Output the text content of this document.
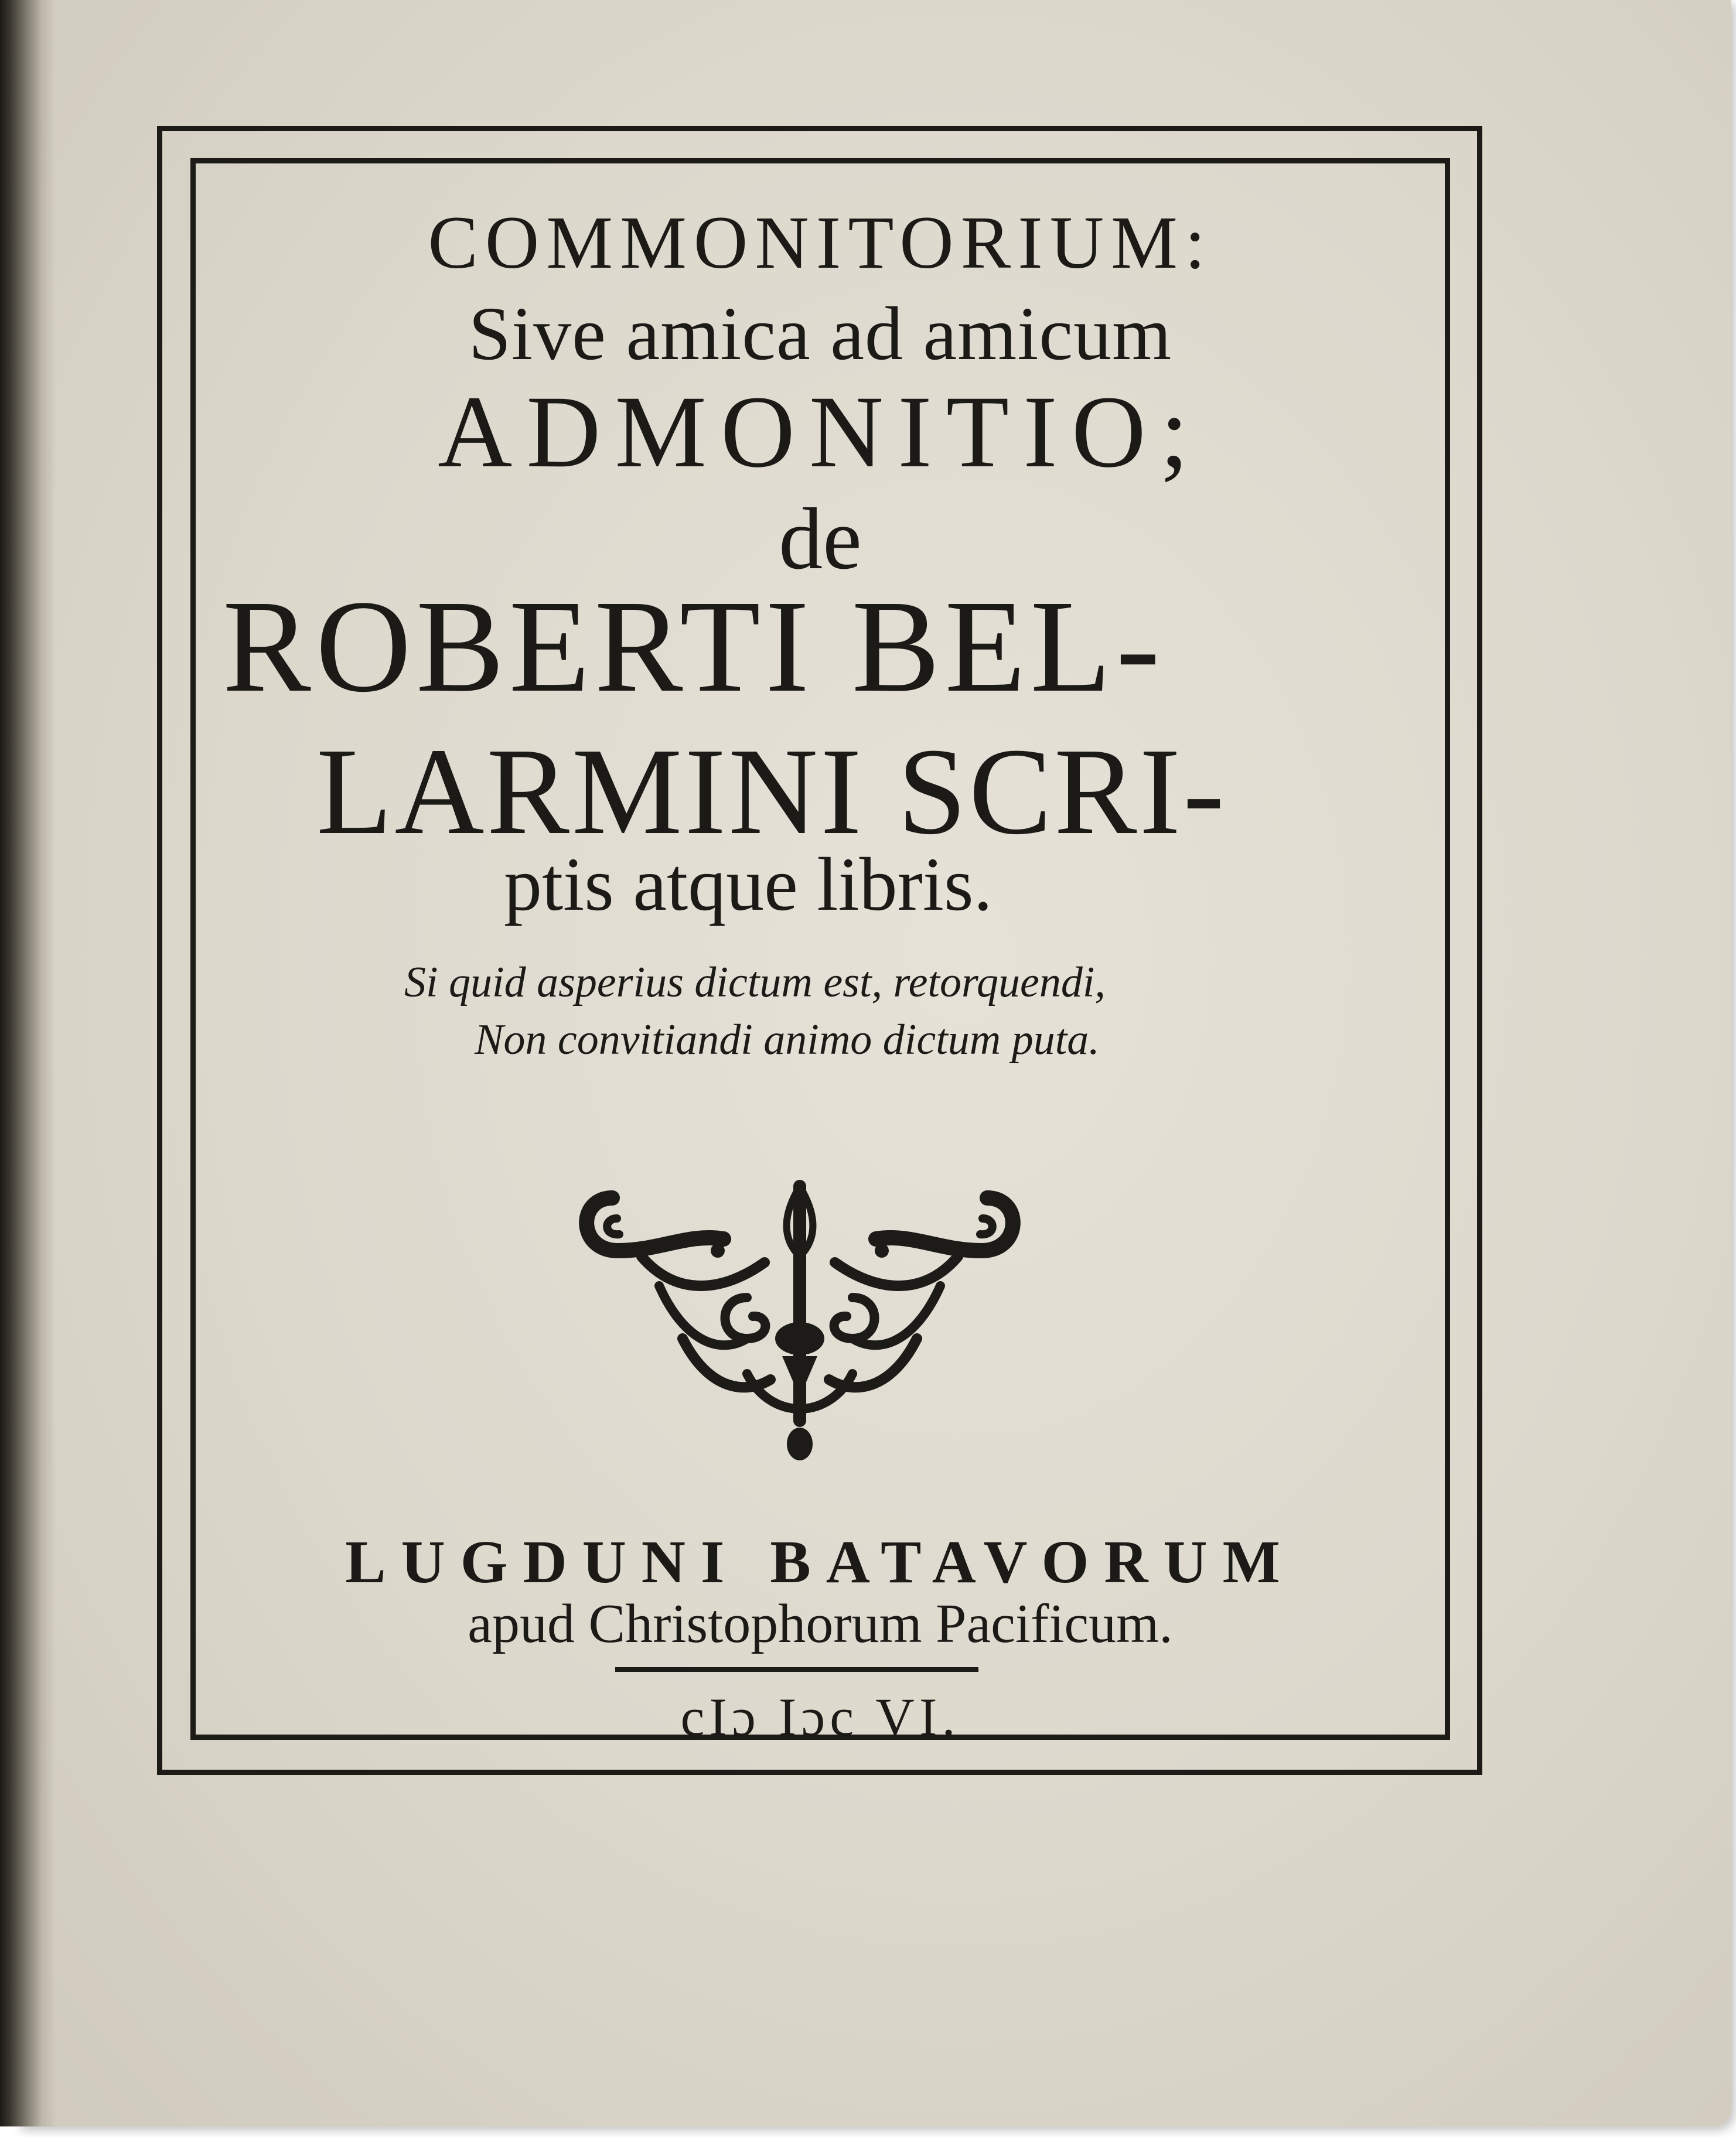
COMMONITORIUM:
Sive amica ad amicum
ADMONITIO;
de
ROBERTI BEL-
LARMINI SCRI-
ptis atque libris.
Si quid asperius dictum est, retorquendi,
Non convitiandi animo dictum puta.
LUGDUNI BATAVORUM
apud Christophorum Pacificum.
cIɔ Iɔc VI.
